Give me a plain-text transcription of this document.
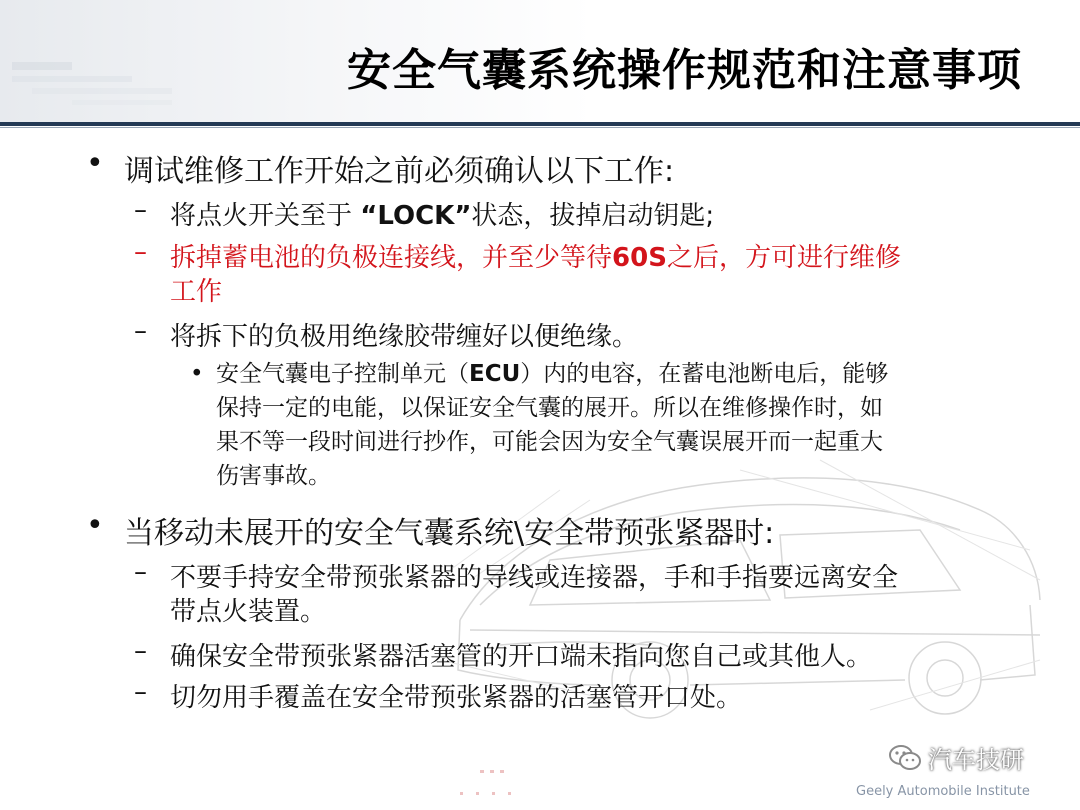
安全气囊系统操作规范和注意事项
• 调试维修工作开始之前必须确认以下工作:
– 将点火开关至于 “LOCK”状态，拔掉启动钥匙;
– 拆掉蓄电池的负极连接线，并至少等待60S之后，方可进行维修
工作
– 将拆下的负极用绝缘胶带缠好以便绝缘。
• 安全气囊电子控制单元（ECU）内的电容，在蓄电池断电后，能够
保持一定的电能，以保证安全气囊的展开。所以在维修操作时，如
果不等一段时间进行抄作，可能会因为安全气囊误展开而一起重大
伤害事故。
• 当移动未展开的安全气囊系统\安全带预张紧器时:
– 不要手持安全带预张紧器的导线或连接器，手和手指要远离安全
带点火装置。
– 确保安全带预张紧器活塞管的开口端未指向您自己或其他人。
– 切勿用手覆盖在安全带预张紧器的活塞管开口处。
Geely Automobile Institute
汽车技研
